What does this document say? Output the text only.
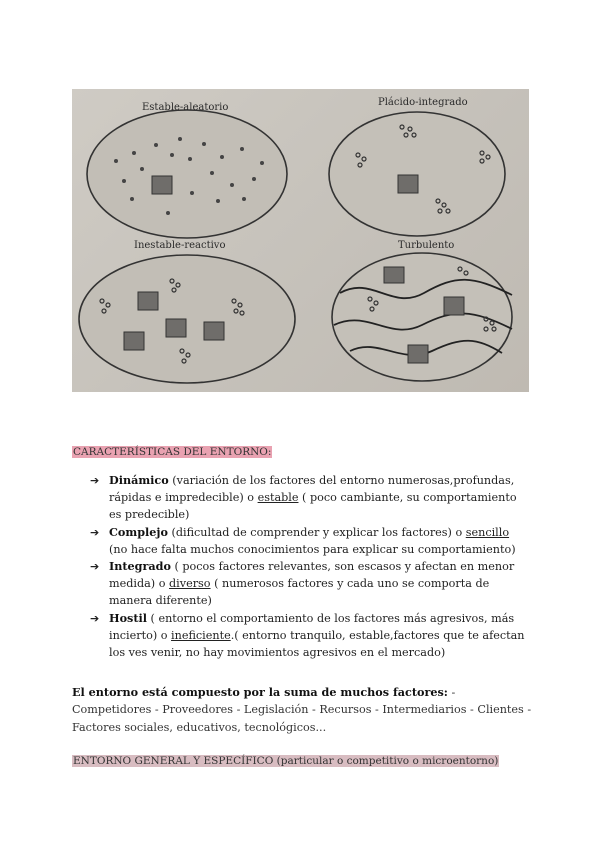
Estable-aleatorio	Plácido-integrado
Inestable-reactivo	Turbulento
CARACTERÍSTICAS DEL ENTORNO:
➔ Dinámico (variación de los factores del entorno numerosas,profundas, rápidas e impredecible) o estable ( poco cambiante, su comportamiento es predecible)
➔ Complejo (dificultad de comprender y explicar los factores) o sencillo (no hace falta muchos conocimientos para explicar su comportamiento)
➔ Integrado ( pocos factores relevantes, son escasos y afectan en menor medida) o diverso ( numerosos factores y cada uno se comporta de manera diferente)
➔ Hostil ( entorno el comportamiento de los factores más agresivos, más incierto) o ineficiente.( entorno tranquilo, estable,factores que te afectan los ves venir, no hay movimientos agresivos en el mercado)
El entorno está compuesto por la suma de muchos factores: - Competidores - Proveedores - Legislación - Recursos - Intermediarios - Clientes - Factores sociales, educativos, tecnológicos...
ENTORNO GENERAL Y ESPECÍFICO (particular o competitivo o microentorno)
